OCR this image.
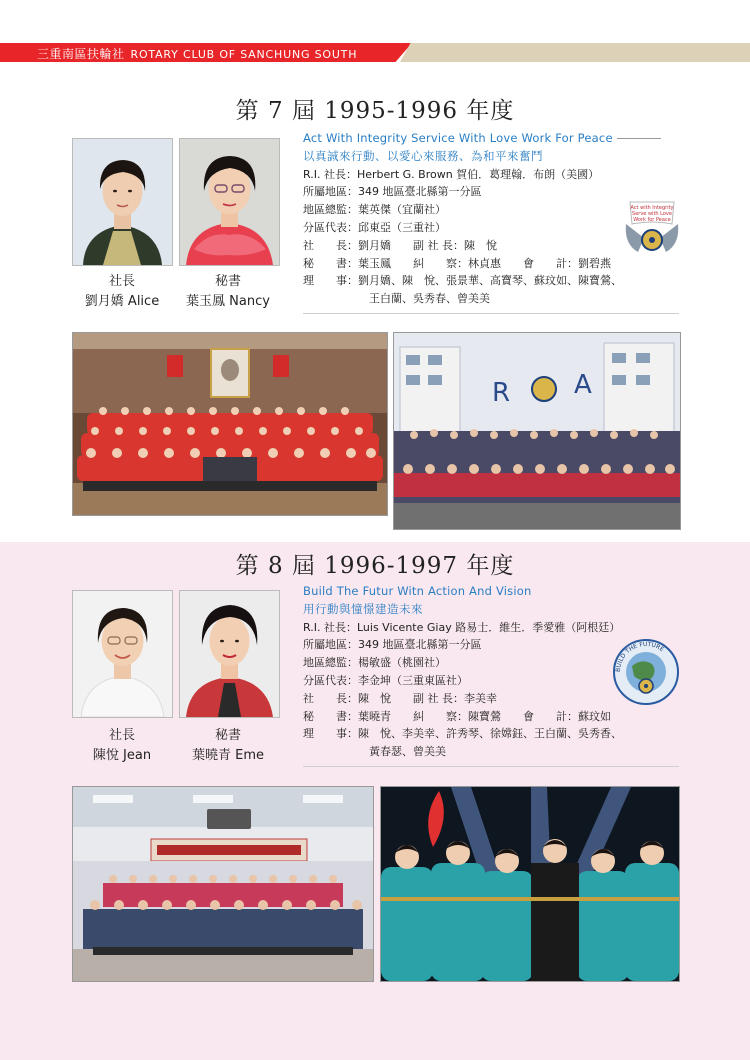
三重南區扶輪社 ROTARY CLUB OF SANCHUNG SOUTH
第 7 屆 1995-1996 年度
社長
劉月嬌 Alice
秘書
葉玉鳳 Nancy
Act With Integrity Service With Love Work For Peace
以真誠來行動、以愛心來服務、為和平來奮鬥
R.I. 社長：Herbert G. Brown 賀伯．葛理翰．布朗（美國）
所屬地區：349 地區臺北縣第一分區
地區總監：葉英傑（宜蘭社）
分區代表：邱東亞（三重社）
社　　長：劉月嬌　　副 社 長：陳　悅
秘　　書：葉玉鳳　　糾　　察：林貞惠　　會　　計：劉碧燕
理　　事：劉月嬌、陳　悅、張景華、高寶琴、蘇玟如、陳寶鶯、
王白蘭、吳秀春、曾美美
Act with Integrity
Serve with Love
Work for Peace
R A
第 8 屆 1996-1997 年度
社長
陳悅 Jean
秘書
葉曉青 Eme
Build The Futur Witn Action And Vision
用行動與憧憬建造未來
R.I. 社長：Luis Vicente Giay 路易士．維生．季愛雅（阿根廷）
所屬地區：349 地區臺北縣第一分區
地區總監：楊敏盛（桃園社）
分區代表：李金坤（三重東區社）
社　　長：陳　悅　　副 社 長：李美幸
秘　　書：葉曉青　　糾　　察：陳寶鶯　　會　　計：蘇玟如
理　　事：陳　悅、李美幸、許秀琴、徐嫦鈺、王白蘭、吳秀香、
黃春瑟、曾美美
BUILD THE FUTURE
